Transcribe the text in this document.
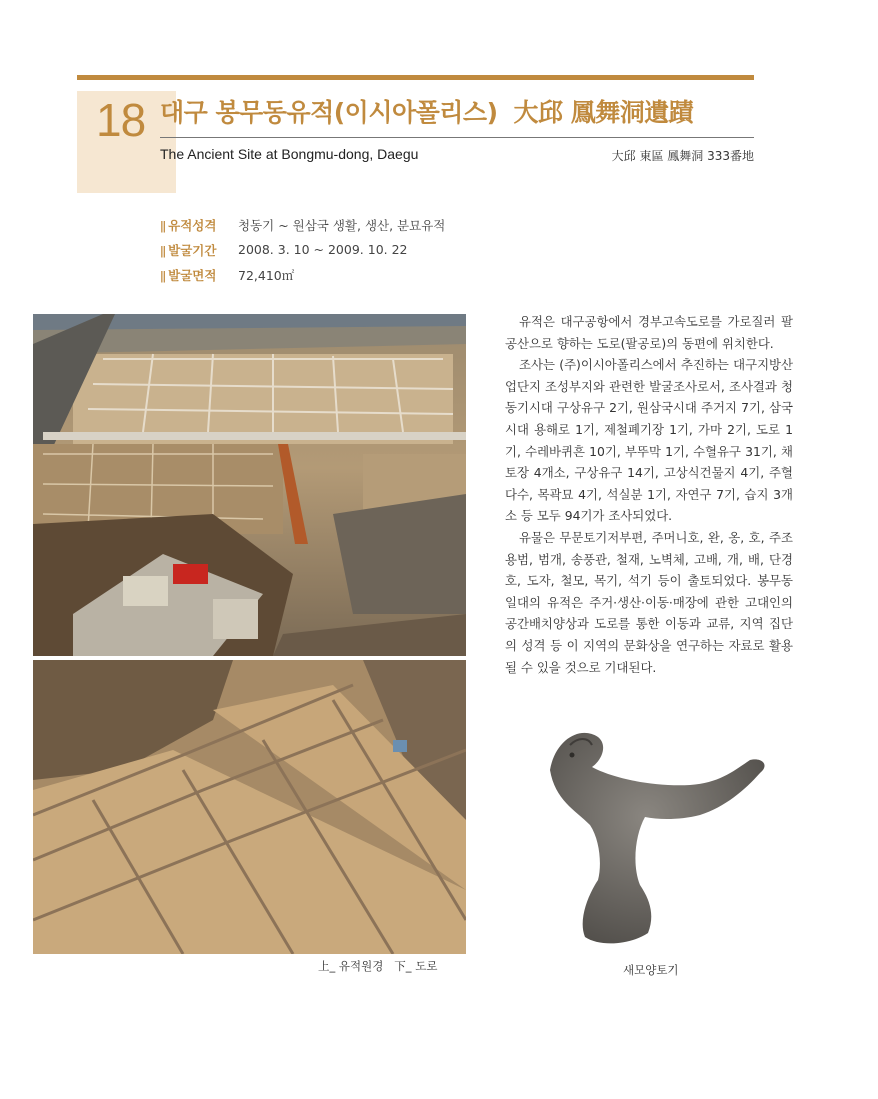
18 대구 봉무동유적(이시아폴리스) 大邱 鳳舞洞遺蹟
The Ancient Site at Bongmu-dong, Daegu	大邱 東區 鳳舞洞 333番地
ǁ 유적성격	청동기 ~ 원삼국 생활, 생산, 분묘유적
ǁ 발굴기간	2008. 3. 10 ~ 2009. 10. 22
ǁ 발굴면적	72,410㎡

유적은 대구공항에서 경부고속도로를 가로질러 팔공산으로 향하는 도로(팔공로)의 동편에 위치한다.

조사는 (주)이시아폴리스에서 추진하는 대구지방산업단지 조성부지와 관련한 발굴조사로서, 조사결과 청동기시대 구상유구 2기, 원삼국시대 주거지 7기, 삼국시대 용해로 1기, 제철폐기장 1기, 가마 2기, 도로 1기, 수레바퀴흔 10기, 부뚜막 1기, 수혈유구 31기, 채토장 4개소, 구상유구 14기, 고상식건물지 4기, 주혈 다수, 목곽묘 4기, 석실분 1기, 자연구 7기, 습지 3개소 등 모두 94기가 조사되었다.

유물은 무문토기저부편, 주머니호, 완, 옹, 호, 주조용범, 범개, 송풍관, 철재, 노벽체, 고배, 개, 배, 단경호, 도자, 철모, 목기, 석기 등이 출토되었다. 봉무동 일대의 유적은 주거·생산·이동·매장에 관한 고대인의 공간배치양상과 도로를 통한 이동과 교류, 지역 집단의 성격 등 이 지역의 문화상을 연구하는 자료로 활용될 수 있을 것으로 기대된다.

上_ 유적원경   下_ 도로	새모양토기
